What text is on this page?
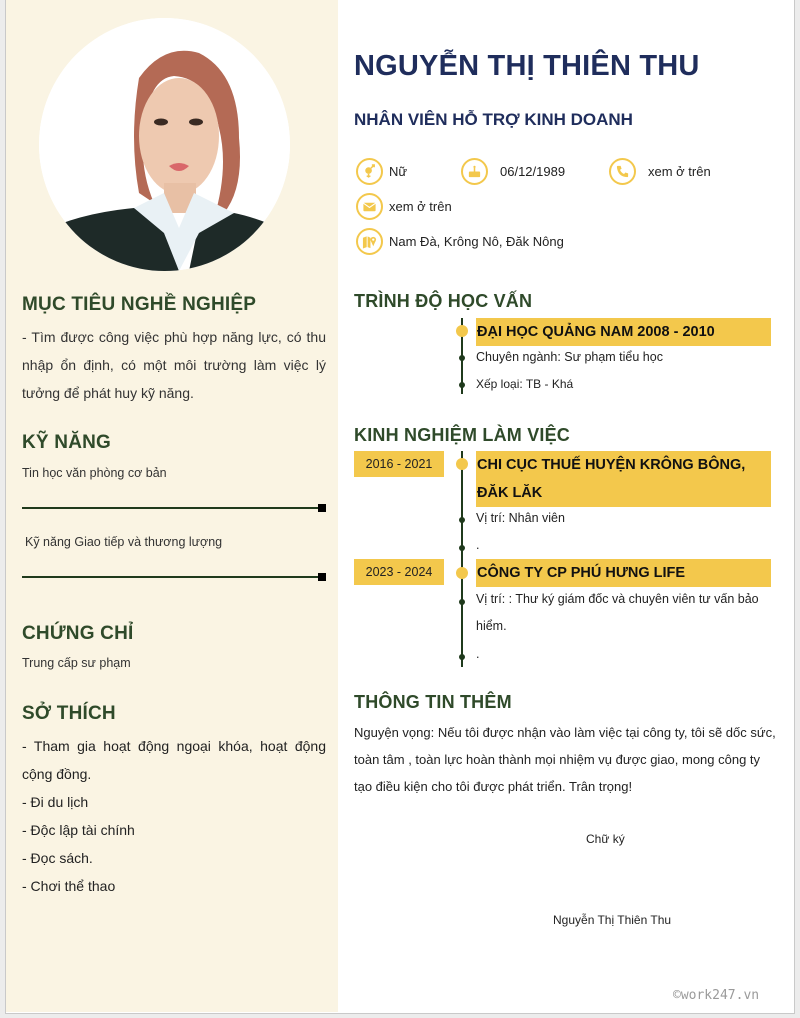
MỤC TIÊU NGHỀ NGHIỆP
- Tìm được công việc phù hợp năng lực, có thu nhập ổn định, có một môi trường làm việc lý tưởng để phát huy kỹ năng.
KỸ NĂNG
Tin học văn phòng cơ bản
Kỹ năng Giao tiếp và thương lượng
CHỨNG CHỈ
Trung cấp sư phạm
SỞ THÍCH
- Tham gia hoạt động ngoại khóa, hoạt động cộng đồng.
- Đi du lịch
- Độc lập tài chính
- Đọc sách.
- Chơi thể thao
NGUYỄN THỊ THIÊN THU
NHÂN VIÊN HỖ TRỢ KINH DOANH
Nữ	06/12/1989	xem ở trên
xem ở trên
Nam Đà, Krông Nô, Đăk Nông
TRÌNH ĐỘ HỌC VẤN
ĐẠI HỌC QUẢNG NAM 2008 - 2010
Chuyên ngành: Sư phạm tiểu học
Xếp loại: TB - Khá
KINH NGHIỆM LÀM VIỆC
2016 - 2021	CHI CỤC THUẾ HUYỆN KRÔNG BÔNG, ĐĂK LĂK
Vị trí: Nhân viên
.
2023 - 2024	CÔNG TY CP PHÚ HƯNG LIFE
Vị trí: : Thư ký giám đốc và chuyên viên tư vấn bảo hiểm.
.
THÔNG TIN THÊM
Nguyện vọng: Nếu tôi được nhận vào làm việc tại công ty, tôi sẽ dốc sức, toàn tâm , toàn lực hoàn thành mọi nhiệm vụ được giao, mong công ty tạo điều kiện cho tôi được phát triển. Trân trọng!
Chữ ký
Nguyễn Thị Thiên Thu
©work247.vn
